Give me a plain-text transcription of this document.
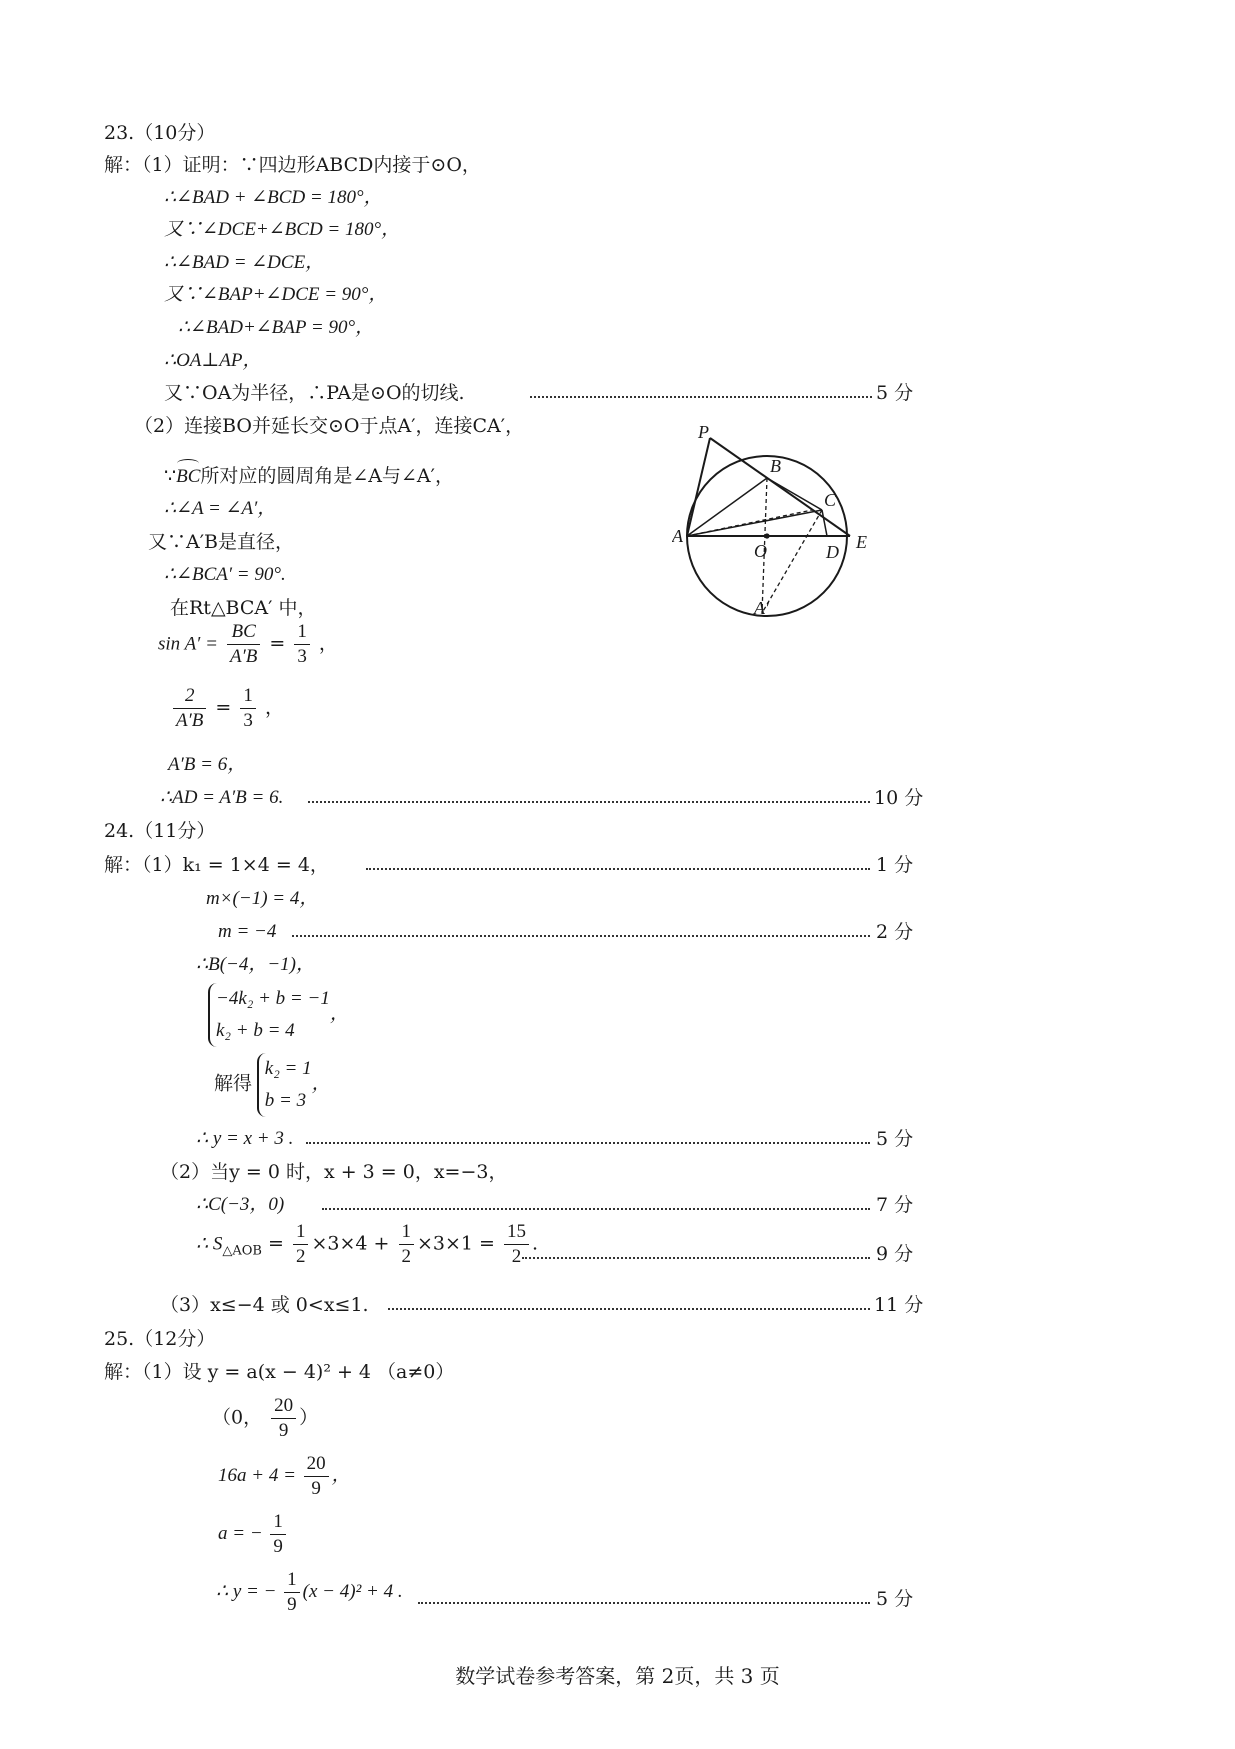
23.（10分）
解：（1）证明：∵四边形ABCD内接于⊙O，
∴∠BAD + ∠BCD = 180°，
又∵∠DCE+∠BCD = 180°，
∴∠BAD = ∠DCE，
又∵∠BAP+∠DCE = 90°，
∴∠BAD+∠BAP = 90°，
∴OA⊥AP，
又∵OA为半径，∴PA是⊙O的切线.	5 分
（2）连接BO并延长交⊙O于点A′，连接CA′，
∵BC所对应的圆周角是∠A与∠A′，
∴∠A = ∠A′，
又∵A′B是直径，
∴∠BCA′ = 90°.
在Rt△BCA′ 中，
$\sin A' = \frac{BC}{A'B} = \frac{1}{3}$ ，
$\frac{2}{A'B} = \frac{1}{3}$ ，
A′B = 6，
∴AD = A′B = 6.	10 分
P
B
C
A
O	D E
A′
24.（11分）
解：（1）k₁ = 1×4 = 4，	1 分
m×(−1) = 4，
m = −4	2 分
∴B(−4，−1)，
−4k₂ + b = −1
k₂ + b = 4
，
解得
k₂ = 1
b = 3
，
∴ y = x + 3 .	5 分
（2）当y = 0 时，x + 3 = 0，x=−3，
∴C(−3，0)	7 分
∴ $S_{\triangle AOB} = \frac{1}{2} \times 3\times 4 + \frac{1}{2} \times 3\times 1 = \frac{15}{2}$ .	9 分
（3）x≤−4 或 0<x≤1.	11 分
25.（12分）
解：（1）设 y = a(x − 4)² + 4 （a≠0）
（0， $\frac{20}{9}$ ）
$16a + 4 = \frac{20}{9}$ ，
a = − $\frac{1}{9}$
∴ y = − $\frac{1}{9} (x - 4)^2 + 4$ .	5 分
数学试卷参考答案，第 2页，共 3 页
